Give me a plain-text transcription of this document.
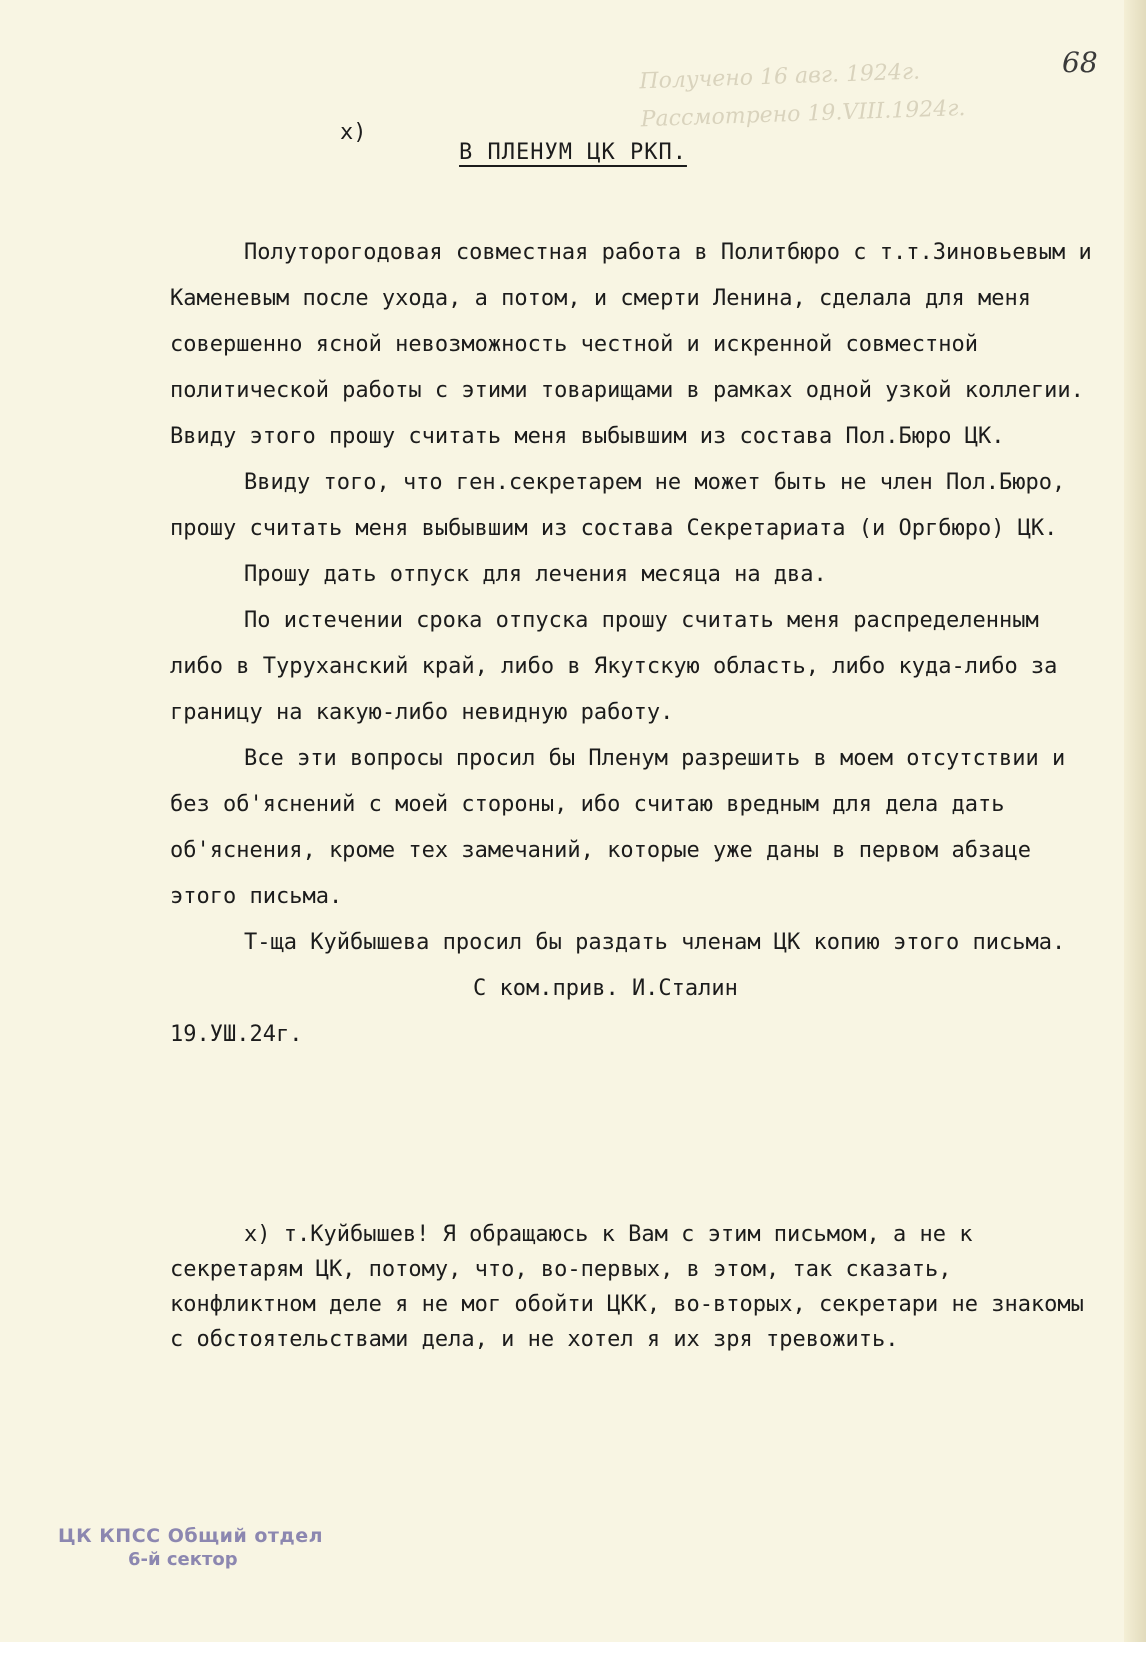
68
Получено 16 авг. 1924г.
Рассмотрено 19.VIII.1924г.
х)
В ПЛЕНУМ ЦК РКП.

Полуторогодовая совместная работа в Политбюро с т.т.Зиновьевым и Каменевым после ухода, а потом, и смерти Ленина, сделала для меня совершенно ясной невозможность честной и искренной совместной политической работы с этими товарищами в рамках одной узкой коллегии. Ввиду этого прошу считать меня выбывшим из состава Пол.Бюро ЦК.

Ввиду того, что ген.секретарем не может быть не член Пол.Бюро, прошу считать меня выбывшим из состава Секретариата (и Оргбюро) ЦК.

Прошу дать отпуск для лечения месяца на два.

По истечении срока отпуска прошу считать меня распределенным либо в Туруханский край, либо в Якутскую область, либо куда-либо за границу на какую-либо невидную работу.

Все эти вопросы просил бы Пленум разрешить в моем отсутствии и без об'яснений с моей стороны, ибо считаю вредным для дела дать об'яснения, кроме тех замечаний, которые уже даны в первом абзаце этого письма.

Т-ща Куйбышева просил бы раздать членам ЦК копию этого письма.

С ком.прив. И.Сталин
19.УШ.24г.

х) т.Куйбышев! Я обращаюсь к Вам с этим письмом, а не к секретарям ЦК, потому, что, во-первых, в этом, так сказать, конфликтном деле я не мог обойти ЦКК, во-вторых, секретари не знакомы с обстоятельствами дела, и не хотел я их зря тревожить.

ЦК КПСС Общий отдел
6-й сектор
